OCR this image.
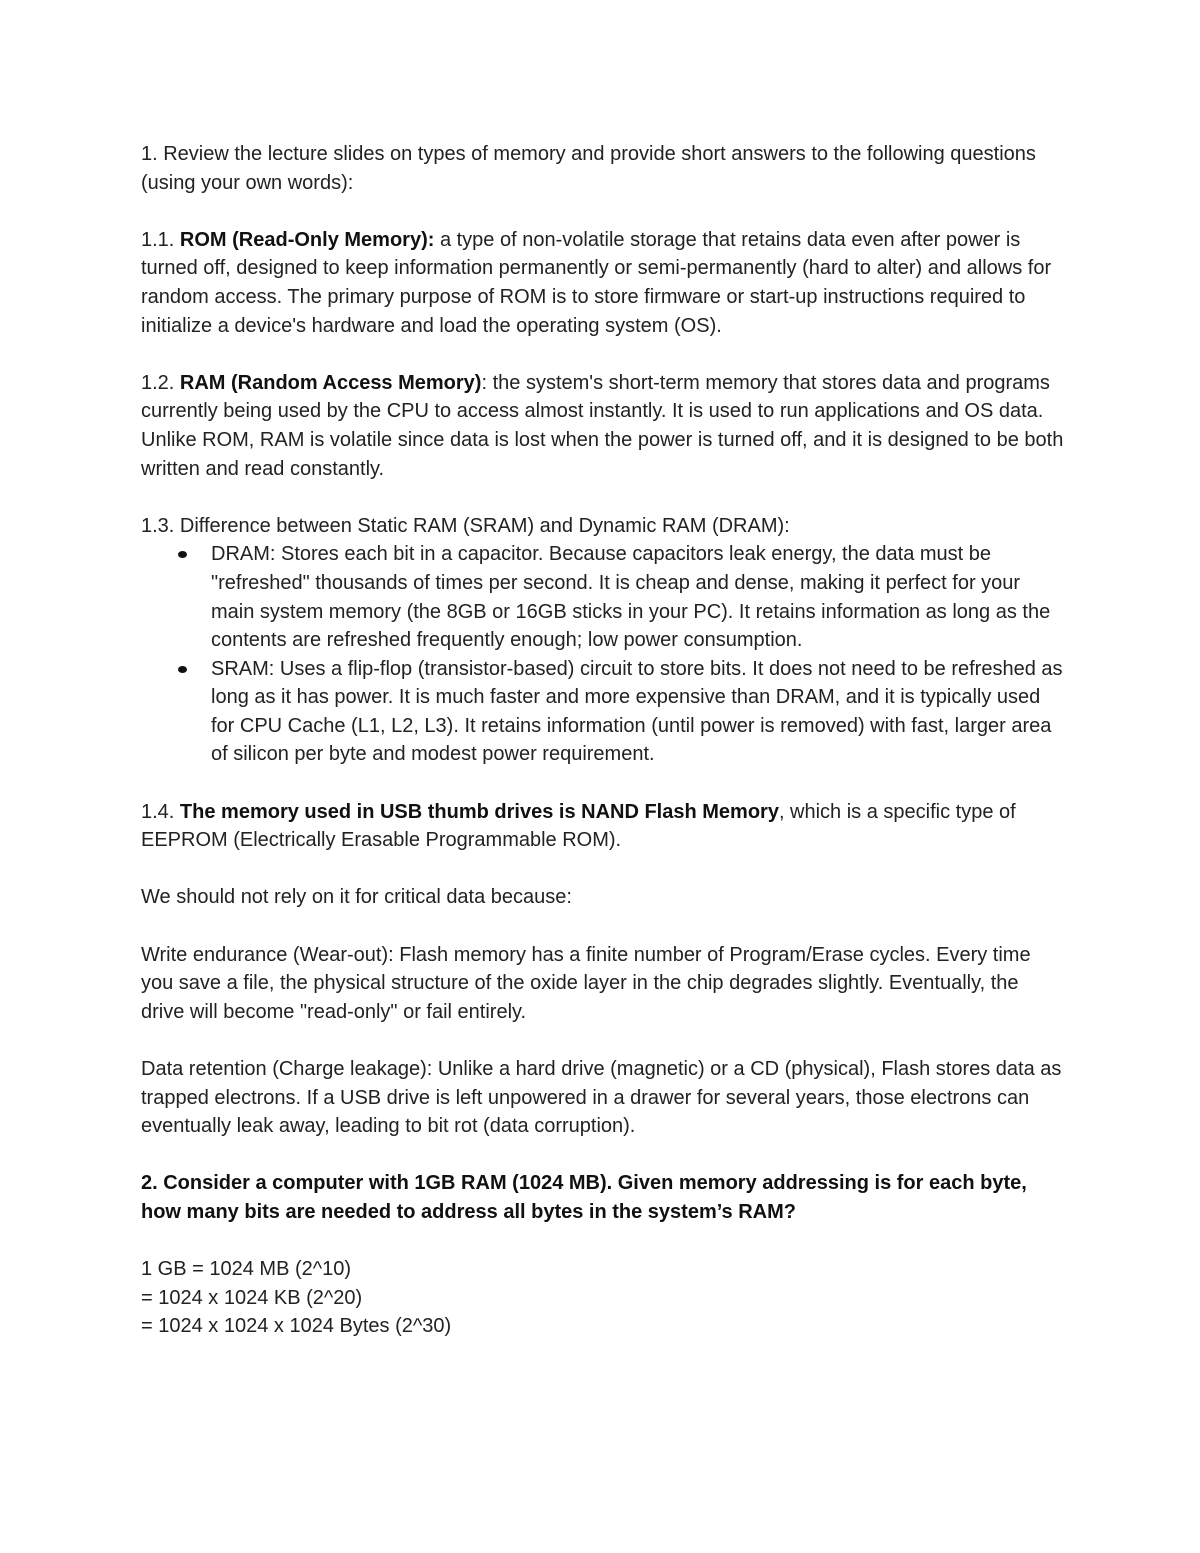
1. Review the lecture slides on types of memory and provide short answers to the following questions (using your own words):

1.1. ROM (Read-Only Memory): a type of non-volatile storage that retains data even after power is turned off, designed to keep information permanently or semi-permanently (hard to alter) and allows for random access. The primary purpose of ROM is to store firmware or start-up instructions required to initialize a device's hardware and load the operating system (OS).

1.2. RAM (Random Access Memory): the system's short-term memory that stores data and programs currently being used by the CPU to access almost instantly. It is used to run applications and OS data. Unlike ROM, RAM is volatile since data is lost when the power is turned off, and it is designed to be both written and read constantly.

1.3. Difference between Static RAM (SRAM) and Dynamic RAM (DRAM):

DRAM: Stores each bit in a capacitor. Because capacitors leak energy, the data must be "refreshed" thousands of times per second. It is cheap and dense, making it perfect for your main system memory (the 8GB or 16GB sticks in your PC). It retains information as long as the contents are refreshed frequently enough; low power consumption.
SRAM: Uses a flip-flop (transistor-based) circuit to store bits. It does not need to be refreshed as long as it has power. It is much faster and more expensive than DRAM, and it is typically used for CPU Cache (L1, L2, L3). It retains information (until power is removed) with fast, larger area of silicon per byte and modest power requirement.

1.4. The memory used in USB thumb drives is NAND Flash Memory, which is a specific type of EEPROM (Electrically Erasable Programmable ROM).

We should not rely on it for critical data because:

Write endurance (Wear-out): Flash memory has a finite number of Program/Erase cycles. Every time you save a file, the physical structure of the oxide layer in the chip degrades slightly. Eventually, the drive will become "read-only" or fail entirely.

Data retention (Charge leakage): Unlike a hard drive (magnetic) or a CD (physical), Flash stores data as trapped electrons. If a USB drive is left unpowered in a drawer for several years, those electrons can eventually leak away, leading to bit rot (data corruption).

2. Consider a computer with 1GB RAM (1024 MB). Given memory addressing is for each byte, how many bits are needed to address all bytes in the system’s RAM?

1 GB = 1024 MB (2^10)
= 1024 x 1024 KB (2^20)
= 1024 x 1024 x 1024 Bytes (2^30)
